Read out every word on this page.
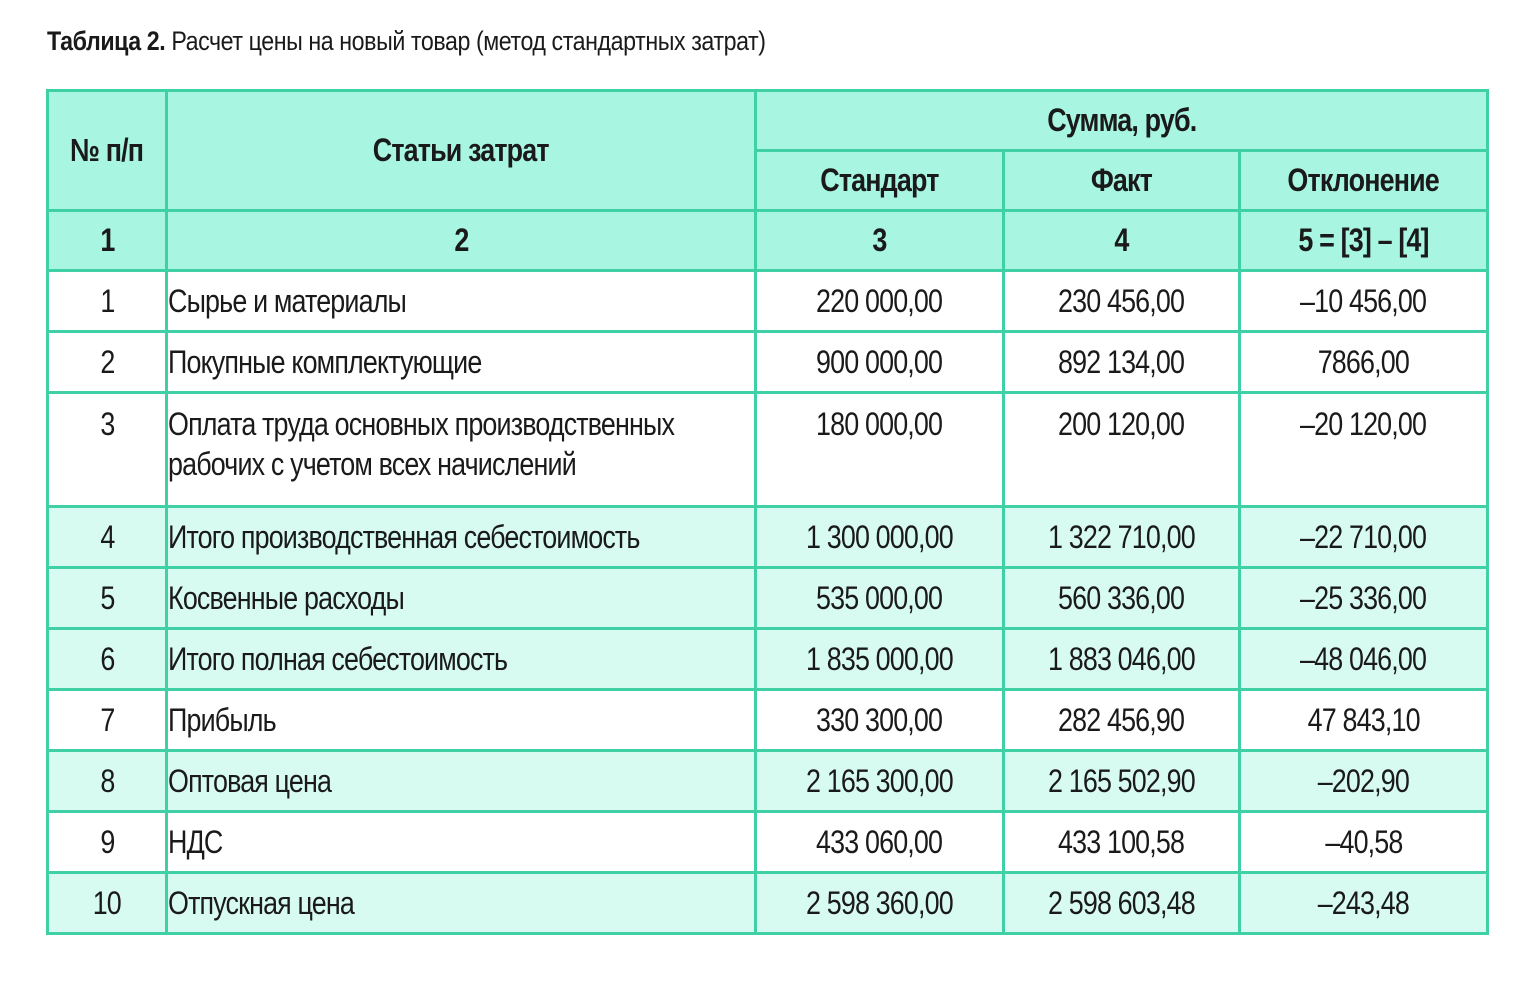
Таблица 2. Расчет цены на новый товар (метод стандартных затрат)
№ п/п	Статьи затрат	Сумма, руб.		
		Стандарт	Факт	Отклонение
1	2	3	4	5 = [3] – [4]
1	Сырье и материалы	220 000,00	230 456,00	–10 456,00
2	Покупные комплектующие	900 000,00	892 134,00	7866,00
3	Оплата труда основных производственных рабочих с учетом всех начислений	180 000,00	200 120,00	–20 120,00
4	Итого производственная себестоимость	1 300 000,00	1 322 710,00	–22 710,00
5	Косвенные расходы	535 000,00	560 336,00	–25 336,00
6	Итого полная себестоимость	1 835 000,00	1 883 046,00	–48 046,00
7	Прибыль	330 300,00	282 456,90	47 843,10
8	Оптовая цена	2 165 300,00	2 165 502,90	–202,90
9	НДС	433 060,00	433 100,58	–40,58
10	Отпускная цена	2 598 360,00	2 598 603,48	–243,48
